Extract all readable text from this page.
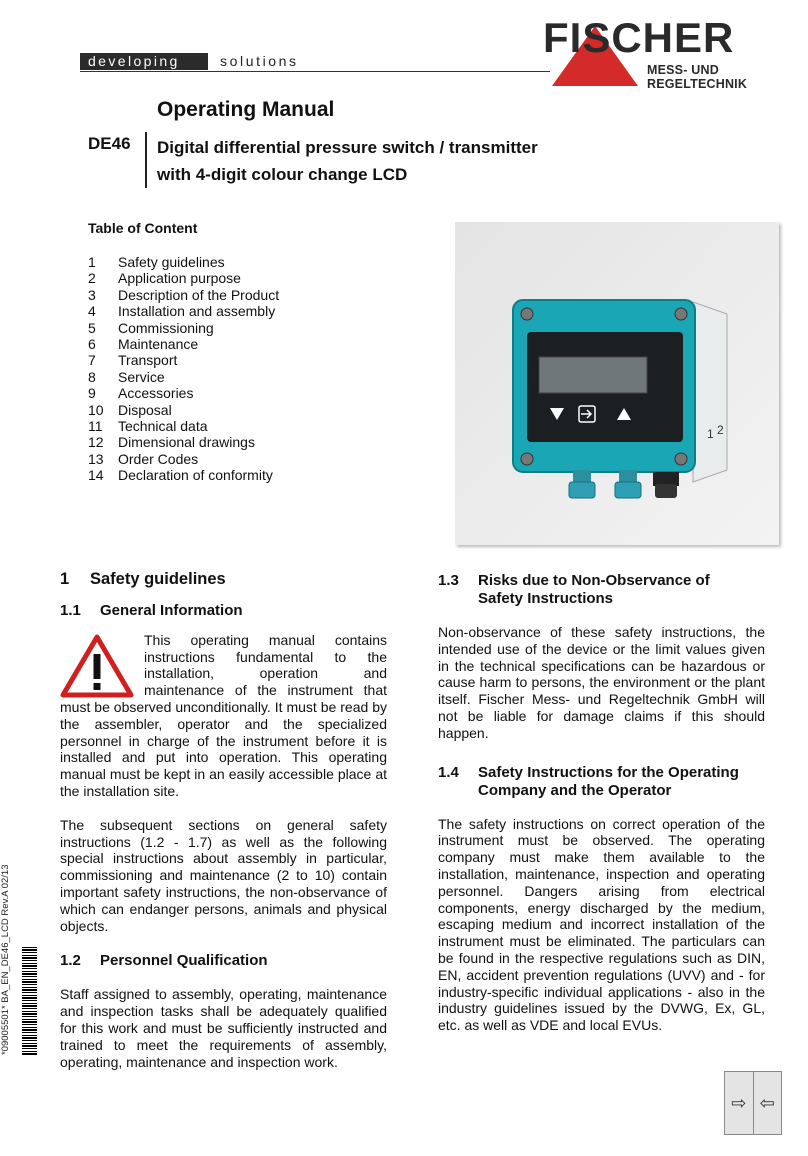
developing	solutions	FISCHER
MESS- UND REGELTECHNIK
Operating Manual
DE46 Digital differential pressure switch / transmitter
with 4-digit colour change LCD
Table of Content
1	Safety guidelines
2	Application purpose
3	Description of the Product
4	Installation and assembly
5	Commissioning
6	Maintenance
7	Transport
8	Service
9	Accessories
10	Disposal
11	Technical data
12	Dimensional drawings
13	Order Codes
14	Declaration of conformity
1 2
1	Safety guidelines
1.1	General Information
This operating manual contains instructions fundamental to the installation, operation and maintenance of the instrument that must be observed unconditionally. It must be read by the assembler, operator and the specialized personnel in charge of the instrument before it is installed and put into operation. This operating manual must be kept in an easily accessible place at the installation site.

The subsequent sections on general safety instructions (1.2 - 1.7) as well as the following special instructions about assembly in particular, commissioning and maintenance (2 to 10) contain important safety instructions, the non-observance of which can endanger persons, animals and physical objects.

1.2	Personnel Qualification

Staff assigned to assembly, operating, maintenance and inspection tasks shall be adequately qualified for this work and must be sufficiently instructed and trained to meet the requirements of assembly, operating, maintenance and inspection work.

1.3	Risks due to Non-Observance of
Safety Instructions

Non-observance of these safety instructions, the intended use of the device or the limit values given in the technical specifications can be hazardous or cause harm to persons, the environment or the plant itself. Fischer Mess- und Regeltechnik GmbH will not be liable for damage claims if this should happen.

1.4	Safety Instructions for the Operating
Company and the Operator

The safety instructions on correct operation of the instrument must be observed. The operating company must make them available to the installation, maintenance, inspection and operating personnel. Dangers arising from electrical components, energy discharged by the medium, escaping medium and incorrect installation of the instrument must be eliminated. The particulars can be found in the respective regulations such as DIN, EN, accident prevention regulations (UVV) and - for industry-specific individual applications - also in the industry guidelines issued by the DVWG, Ex, GL, etc. as well as VDE and local EVUs.

*09005501* BA_EN_DE46_LCD Rev.A 02/13
⇨ ⇦
